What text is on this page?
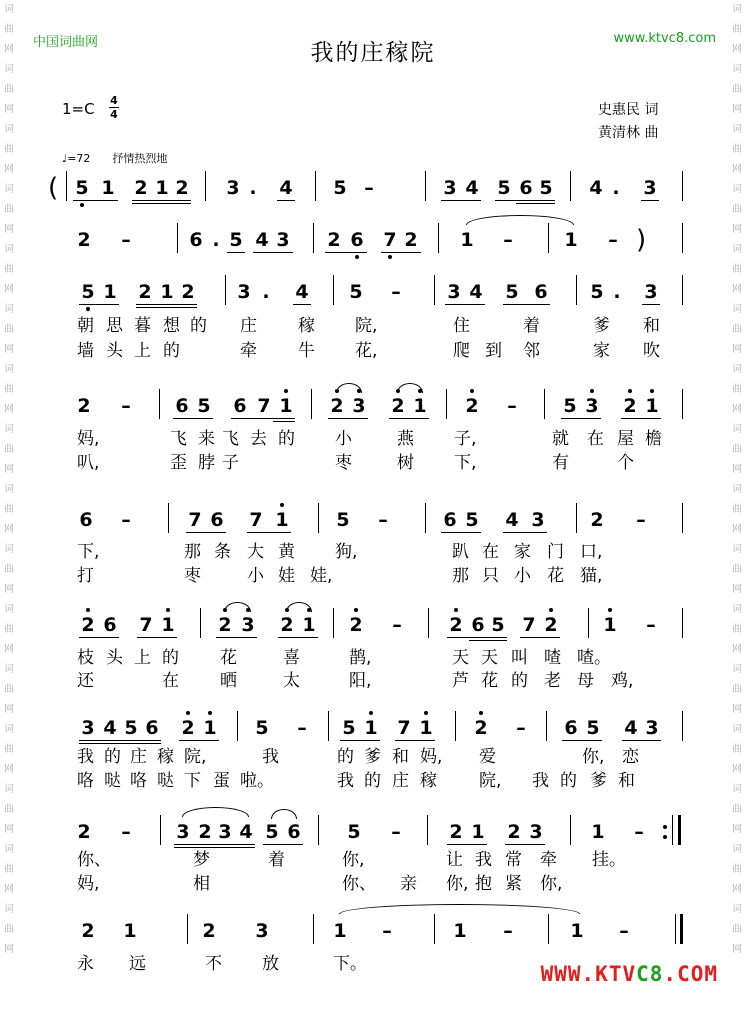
词
曲
网
词
曲
网
词
曲
网
词
曲
网
词
曲
网
词
曲
网
词
曲
网
词
曲
网
词
曲
网
词
曲
网
词
曲
网
词
曲
网
词
曲
网
词
曲
网
词
曲
网
词
曲
网
词
曲
网
词
曲
网
词
曲
网
词
曲
网
词
曲
网
词
曲
网
词
曲
网
词
曲
网
词
曲
网
词
曲
网
词
曲
网
词
曲
网
词
曲
网
词
曲
网
词
曲
网
词
曲
网
中国词曲网	www.ktvc8.com
我的庄稼院
1=C 4
4	史惠民 词
黄清林 曲
♩=72 抒情热烈地
( 5 1 2 1 2 3 . 4 5 –	3 4 5 6 5 4 . 3
2 –	6 . 5 4 3 2 6 7 2 1 –	1 – )
5 1 2 1 2 3 . 4 5 – 3 4 5 6 5 . 3
朝 思 暮 想 的 庄 稼 院,	住	着	爹 和
墙 头 上 的	牵 牛 花,	爬 到 邻	家 吹
2 – 6 5 6 7 1 2 3 2 1 2 – 5 3 2 1
妈,	飞 来 飞 去 的 小	燕 子,	就 在 屋 檐
叭,	歪 脖 子	枣	树 下,	有	个
6 –	7 6 7 1	5 –	6 5 4 3 2 –
下,	那 条 大 黄 狗,	趴 在 家 门 口,
打	枣	小 娃 娃,	那 只 小 花 猫,
2 6 7 1 2 3 2 1 2 –	2 6 5 7 2 1 –
枝 头 上 的 花	喜	鹊,	天 天 叫 喳 喳。
还	在 晒	太	阳,	芦 花 的 老 母 鸡,
3 4 5 6 2 1 5 – 5 1 7 1 2 – 6 5 4 3
我 的 庄 稼 院,	我	的 爹 和 妈, 爱	你, 恋
咯 哒 咯 哒 下 蛋 啦。	我 的 庄 稼 院, 我 的 爹 和
2 – 3 2 3 4 5 6 5 –	2 1 2 3	1 –
你、	梦	着	你,	让 我 常 牵 挂。
妈,	相	你、 亲 你, 抱 紧 你,
2 1	2 3	1 –	1 –	1 –
永 远	不 放	下。	WWW.KTVC8.COM
